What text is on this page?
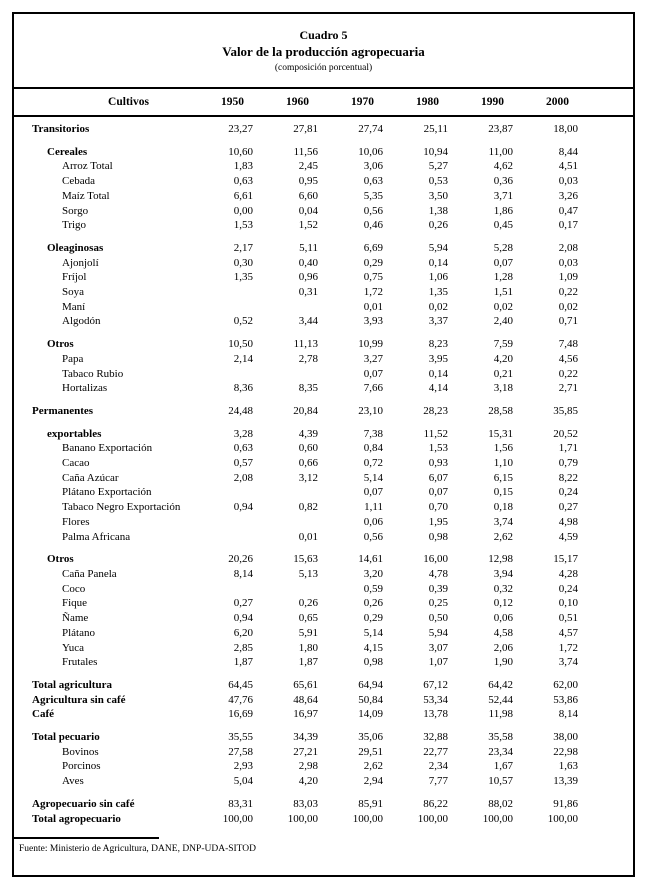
Cuadro 5
Valor de la producción agropecuaria
(composición porcentual)
Cultivos	1950	1960	1970	1980	1990	2000	
Transitorios	23,27	27,81	27,74	25,11	23,87	18,00	
Cereales	10,60	11,56	10,06	10,94	11,00	8,44	
Arroz Total	1,83	2,45	3,06	5,27	4,62	4,51	
Cebada	0,63	0,95	0,63	0,53	0,36	0,03	
Maíz Total	6,61	6,60	5,35	3,50	3,71	3,26	
Sorgo	0,00	0,04	0,56	1,38	1,86	0,47	
Trigo	1,53	1,52	0,46	0,26	0,45	0,17	
Oleaginosas	2,17	5,11	6,69	5,94	5,28	2,08	
Ajonjolí	0,30	0,40	0,29	0,14	0,07	0,03	
Fríjol	1,35	0,96	0,75	1,06	1,28	1,09	
Soya		0,31	1,72	1,35	1,51	0,22	
Maní			0,01	0,02	0,02	0,02	
Algodón	0,52	3,44	3,93	3,37	2,40	0,71	
Otros	10,50	11,13	10,99	8,23	7,59	7,48	
Papa	2,14	2,78	3,27	3,95	4,20	4,56	
Tabaco Rubio			0,07	0,14	0,21	0,22	
Hortalizas	8,36	8,35	7,66	4,14	3,18	2,71	
Permanentes	24,48	20,84	23,10	28,23	28,58	35,85	
exportables	3,28	4,39	7,38	11,52	15,31	20,52	
Banano Exportación	0,63	0,60	0,84	1,53	1,56	1,71	
Cacao	0,57	0,66	0,72	0,93	1,10	0,79	
Caña Azúcar	2,08	3,12	5,14	6,07	6,15	8,22	
Plátano Exportación			0,07	0,07	0,15	0,24	
Tabaco Negro Exportación	0,94	0,82	1,11	0,70	0,18	0,27	
Flores			0,06	1,95	3,74	4,98	
Palma Africana		0,01	0,56	0,98	2,62	4,59	
Otros	20,26	15,63	14,61	16,00	12,98	15,17	
Caña Panela	8,14	5,13	3,20	4,78	3,94	4,28	
Coco			0,59	0,39	0,32	0,24	
Fique	0,27	0,26	0,26	0,25	0,12	0,10	
Ñame	0,94	0,65	0,29	0,50	0,06	0,51	
Plátano	6,20	5,91	5,14	5,94	4,58	4,57	
Yuca	2,85	1,80	4,15	3,07	2,06	1,72	
Frutales	1,87	1,87	0,98	1,07	1,90	3,74	
Total agricultura	64,45	65,61	64,94	67,12	64,42	62,00	
Agricultura sin café	47,76	48,64	50,84	53,34	52,44	53,86	
Café	16,69	16,97	14,09	13,78	11,98	8,14	
Total pecuario	35,55	34,39	35,06	32,88	35,58	38,00	
Bovinos	27,58	27,21	29,51	22,77	23,34	22,98	
Porcinos	2,93	2,98	2,62	2,34	1,67	1,63	
Aves	5,04	4,20	2,94	7,77	10,57	13,39	
Agropecuario sin café	83,31	83,03	85,91	86,22	88,02	91,86	
Total agropecuario	100,00	100,00	100,00	100,00	100,00	100,00	
Fuente: Ministerio de Agricultura, DANE, DNP-UDA-SITOD
